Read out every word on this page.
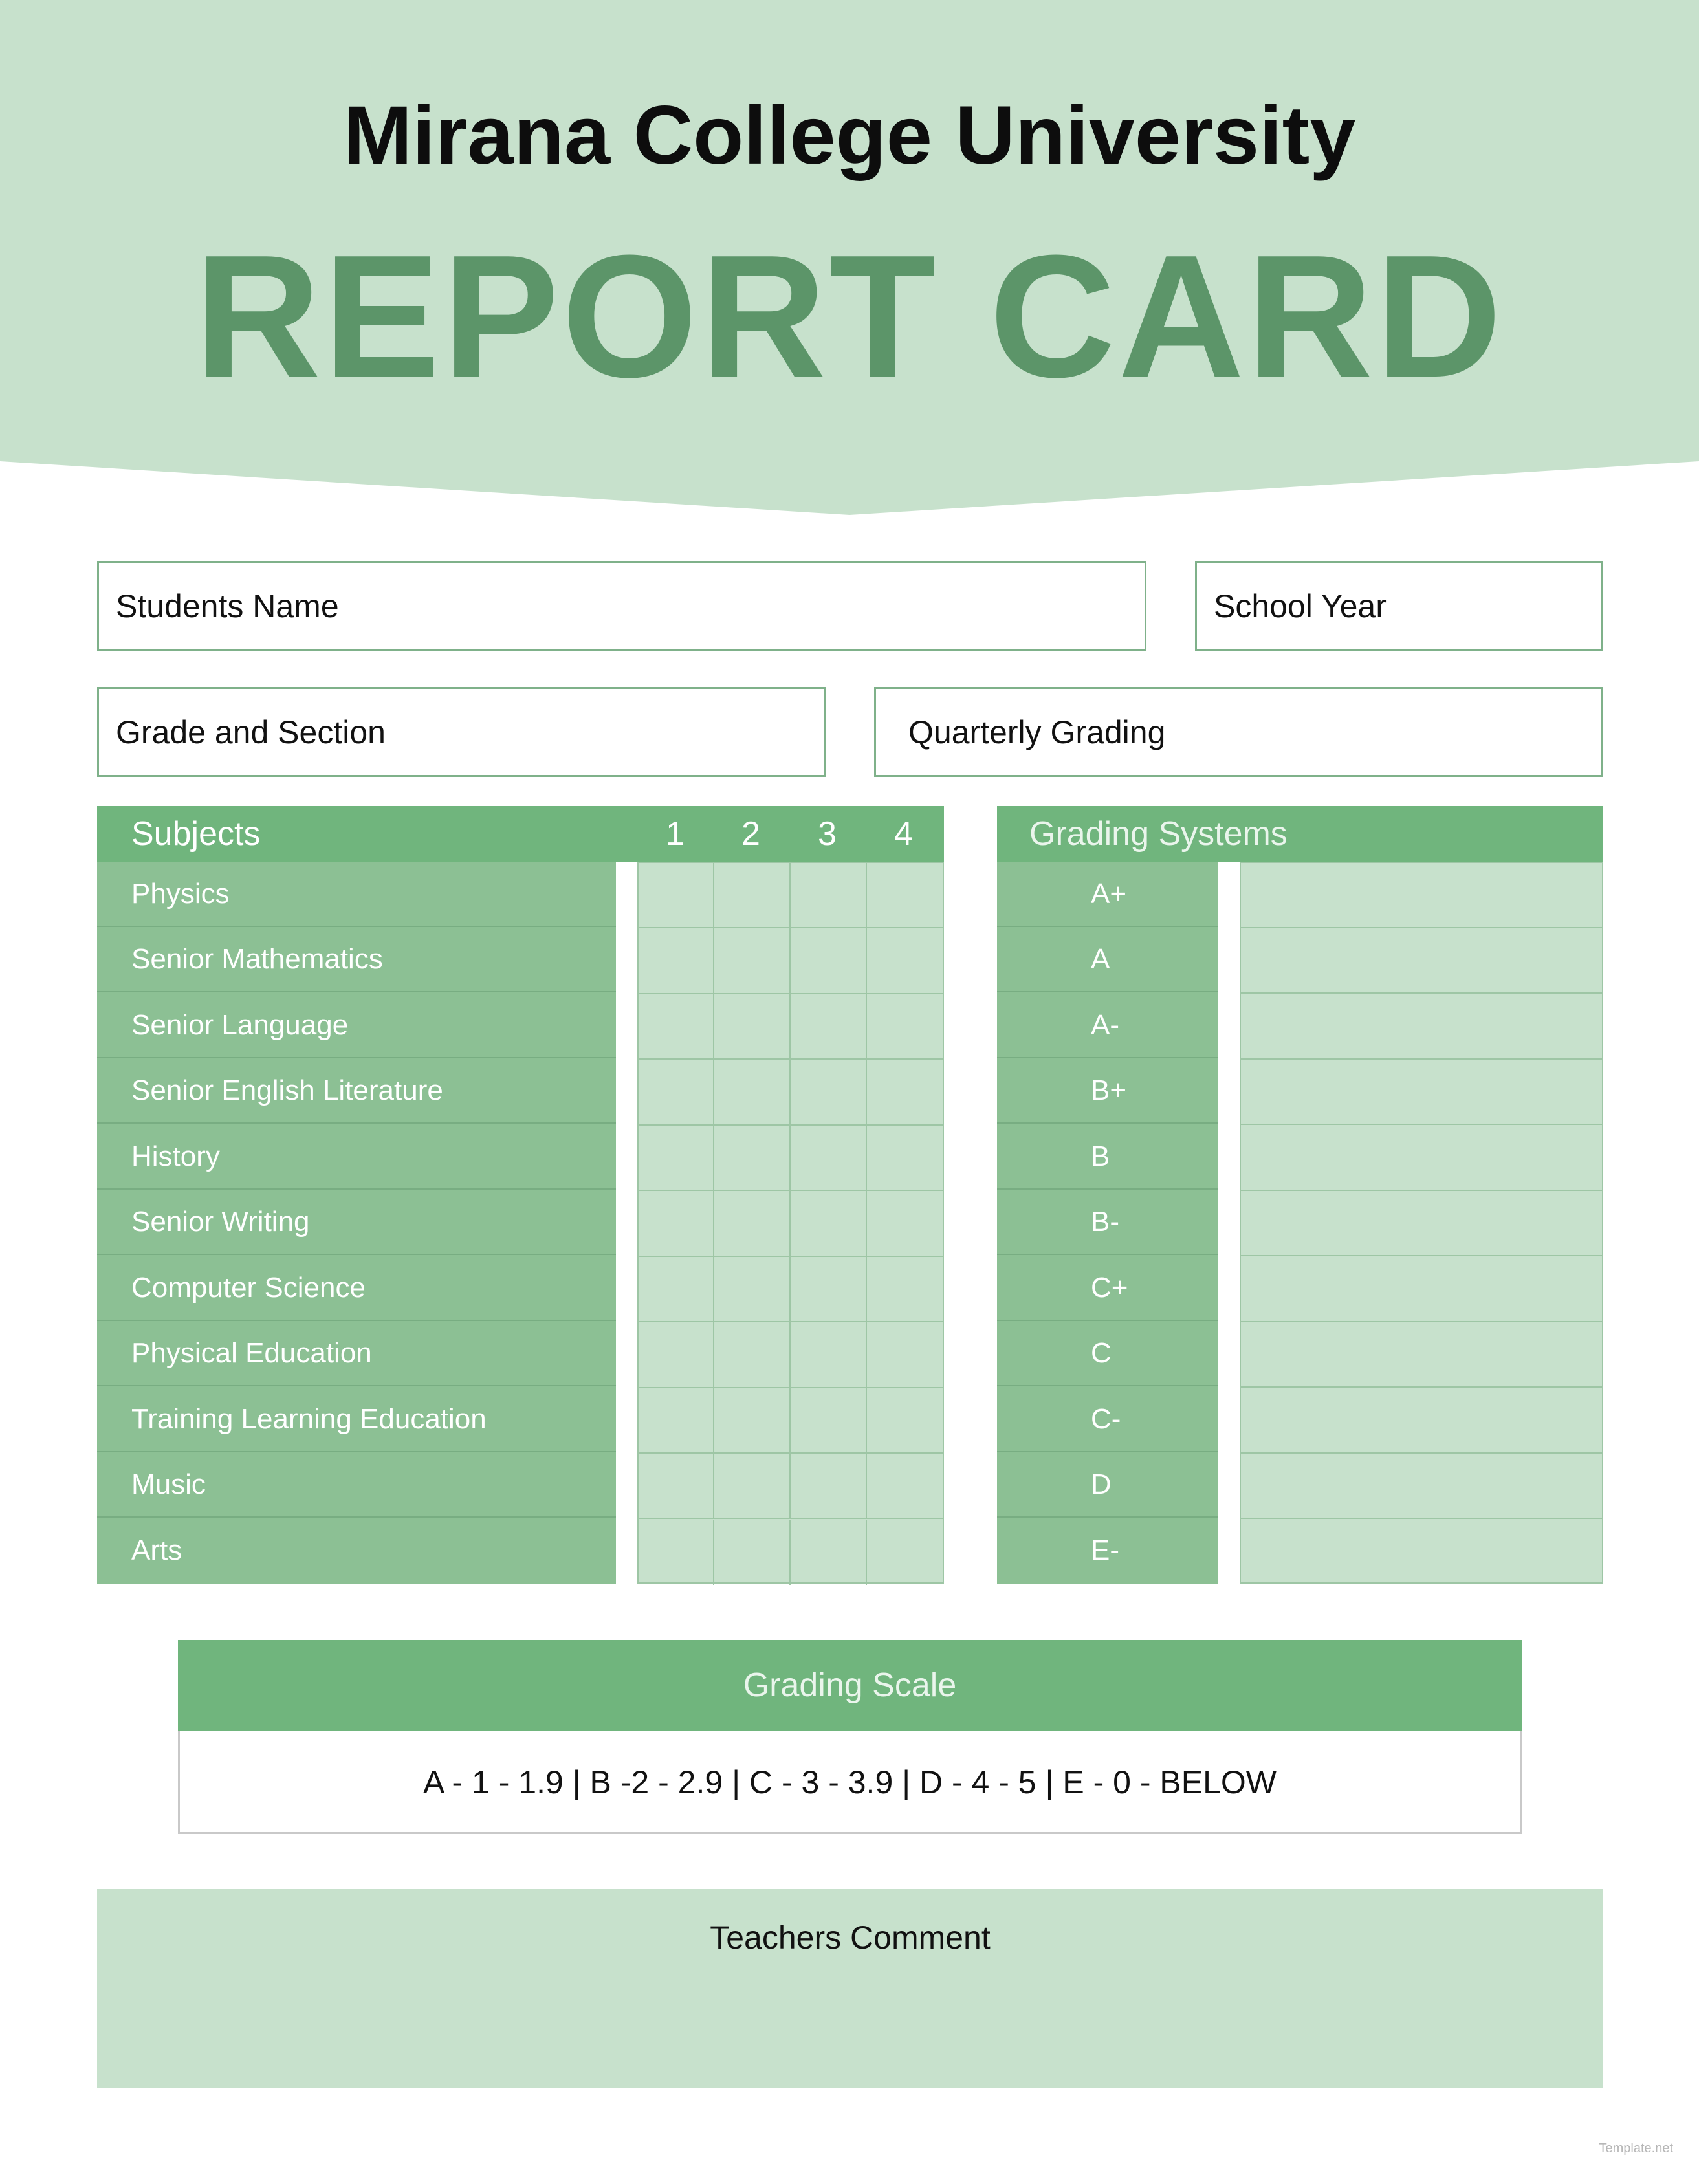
Mirana College University
REPORT CARD
Students Name	School Year
Grade and Section	Quarterly Grading
Subjects	1	2	3	4
Physics
Senior Mathematics
Senior Language
Senior English Literature
History
Senior Writing
Computer Science
Physical Education
Training Learning Education
Music
Arts
Grading Systems
A+
A
A-
B+
B
B-
C+
C
C-
D
E-
Grading Scale
A - 1 - 1.9 | B -2 - 2.9 | C - 3 - 3.9 | D - 4 - 5 | E - 0 - BELOW
Teachers Comment
Template.net
